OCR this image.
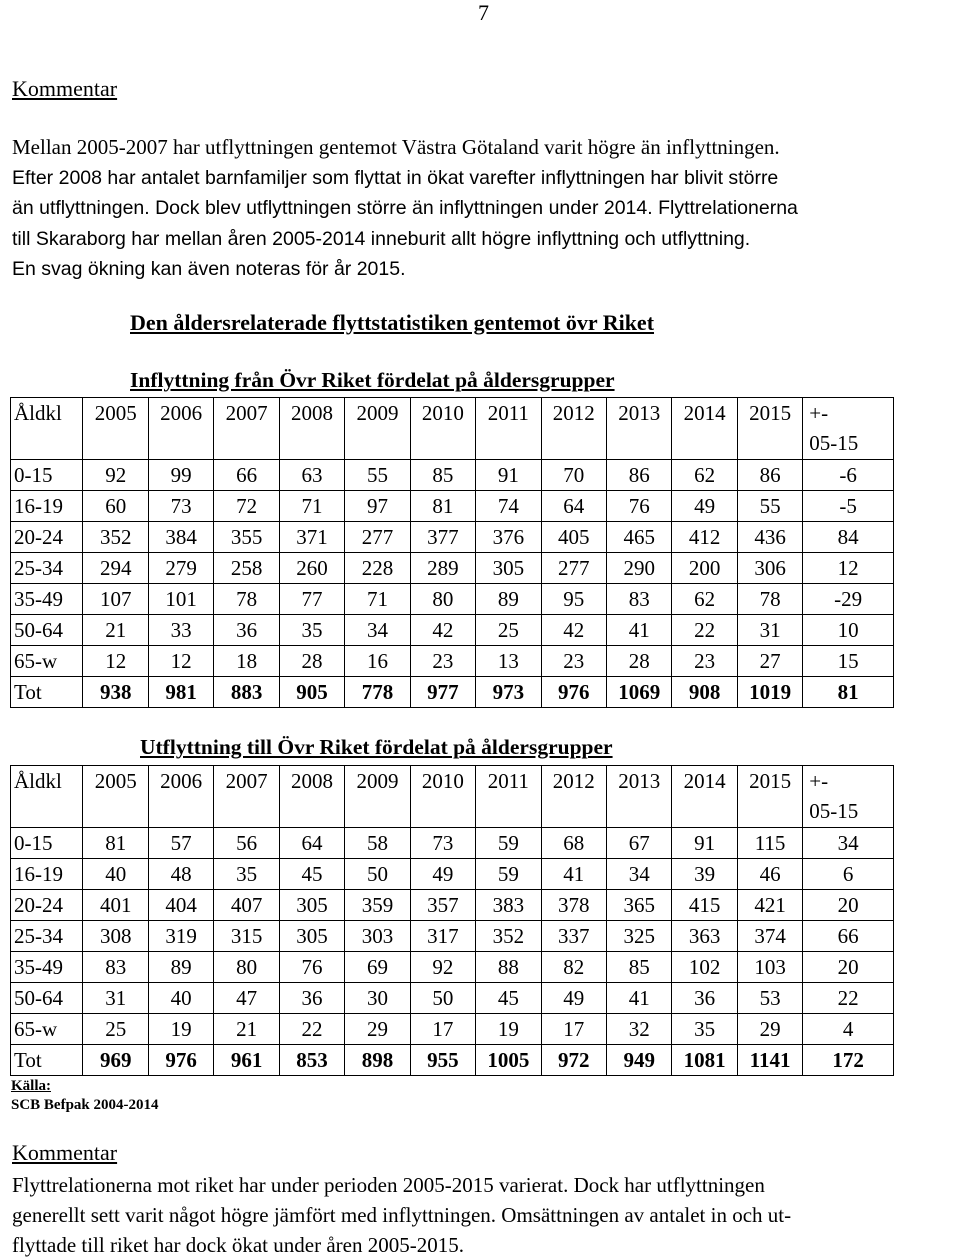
7
Kommentar
Mellan 2005-2007 har utflyttningen gentemot Västra Götaland varit högre än inflyttningen.
Efter 2008 har antalet barnfamiljer som flyttat in ökat varefter inflyttningen har blivit större
än utflyttningen. Dock blev utflyttningen större än inflyttningen under 2014. Flyttrelationerna
till Skaraborg har mellan åren 2005-2014 inneburit allt högre inflyttning och utflyttning.
En svag ökning kan även noteras för år 2015.
Den åldersrelaterade flyttstatistiken gentemot övr Riket
Inflyttning från Övr Riket fördelat på åldersgrupper
Åldkl	2005	2006	2007	2008	2009	2010	2011	2012	2013	2014	2015	+-
05-15

0-15	92	99	66	63	55	85	91	70	86	62	86	-6
16-19	60	73	72	71	97	81	74	64	76	49	55	-5
20-24	352	384	355	371	277	377	376	405	465	412	436	84
25-34	294	279	258	260	228	289	305	277	290	200	306	12
35-49	107	101	78	77	71	80	89	95	83	62	78	-29
50-64	21	33	36	35	34	42	25	42	41	22	31	10
65-w	12	12	18	28	16	23	13	23	28	23	27	15
Tot	938	981	883	905	778	977	973	976	1069	908	1019	81
Utflyttning till Övr Riket fördelat på åldersgrupper
Åldkl	2005	2006	2007	2008	2009	2010	2011	2012	2013	2014	2015	+-
05-15

0-15	81	57	56	64	58	73	59	68	67	91	115	34
16-19	40	48	35	45	50	49	59	41	34	39	46	6
20-24	401	404	407	305	359	357	383	378	365	415	421	20
25-34	308	319	315	305	303	317	352	337	325	363	374	66
35-49	83	89	80	76	69	92	88	82	85	102	103	20
50-64	31	40	47	36	30	50	45	49	41	36	53	22
65-w	25	19	21	22	29	17	19	17	32	35	29	4
Tot	969	976	961	853	898	955	1005	972	949	1081	1141	172
Källa:
SCB Befpak 2004-2014
Kommentar
Flyttrelationerna mot riket har under perioden 2005-2015 varierat. Dock har utflyttningen
generellt sett varit något högre jämfört med inflyttningen. Omsättningen av antalet in och ut-
flyttade till riket har dock ökat under åren 2005-2015.
